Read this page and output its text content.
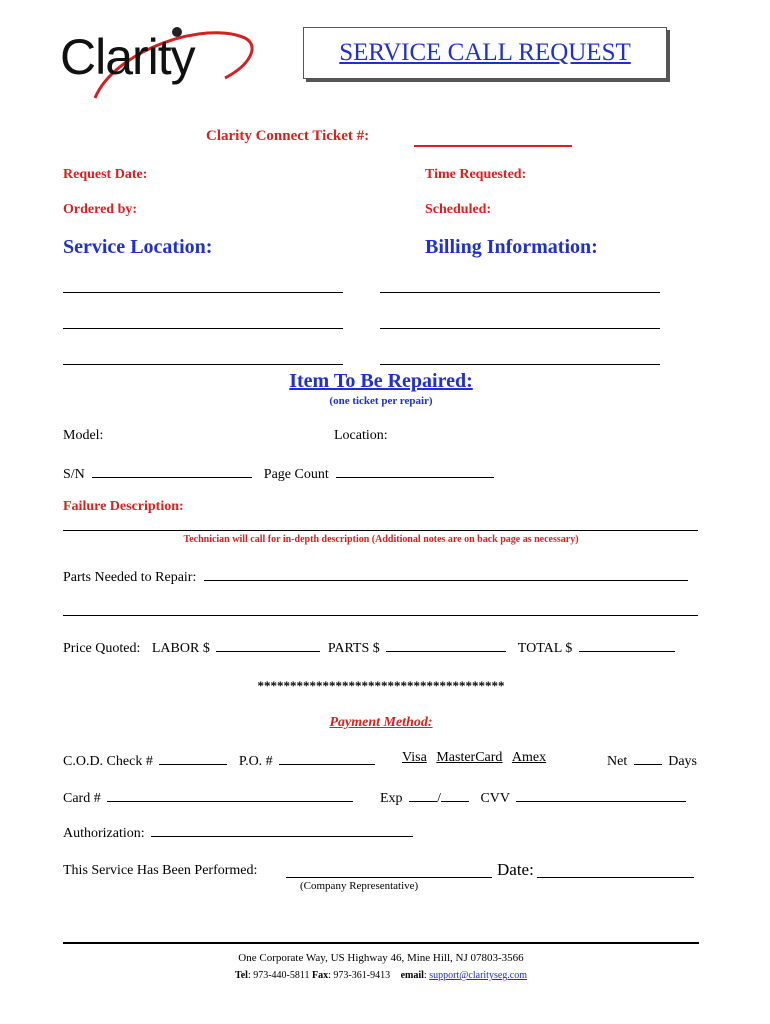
Clarity	SERVICE CALL REQUEST
Clarity Connect Ticket #:
Request Date:	Time Requested:
Ordered by:	Scheduled:
Service Location:	Billing Information:
Item To Be Repaired:
(one ticket per repair)
Model:	Location:
S/N	Page Count
Failure Description:
Technician will call for in-depth description (Additional notes are on back page as necessary)
Parts Needed to Repair:
Price Quoted: LABOR $	PARTS $	TOTAL $
**************************************
Payment Method:
C.O.D. Check #	P.O. #	Visa MasterCard Amex	Net	Days
Card #	Exp /	CVV
Authorization:
This Service Has Been Performed:	Date:
(Company Representative)
One Corporate Way, US Highway 46, Mine Hill, NJ 07803-3566
Tel: 973-440-5811 Fax: 973-361-9413 email: support@clarityseg.com
